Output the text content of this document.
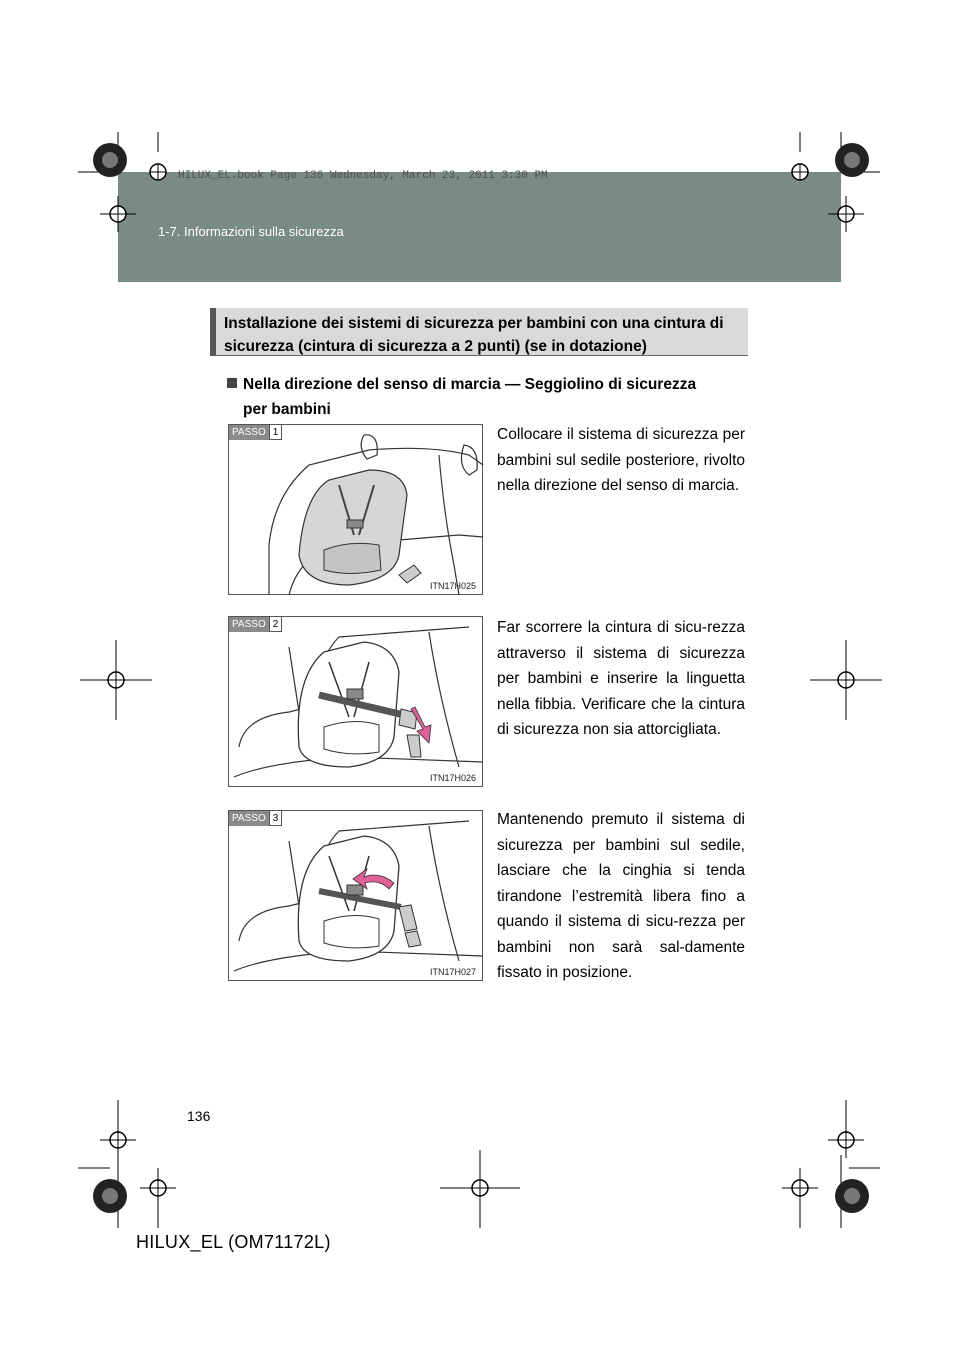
HILUX_EL.book Page 136 Wednesday, March 23, 2011 3:30 PM
1-7. Informazioni sulla sicurezza
Installazione dei sistemi di sicurezza per bambini con una cintura di sicurezza (cintura di sicurezza a 2 punti) (se in dotazione)
Nella direzione del senso di marcia — Seggiolino di sicurezza
per bambini
PASSO 1
ITN17H025
Collocare il sistema di sicurezza per bambini sul sedile posteriore, rivolto nella direzione del senso di marcia.
PASSO 2
ITN17H026
Far scorrere la cintura di sicu-rezza attraverso il sistema di sicurezza per bambini e inserire la linguetta nella fibbia. Verificare che la cintura di sicurezza non sia attorcigliata.
PASSO 3
ITN17H027
Mantenendo premuto il sistema di sicurezza per bambini sul sedile, lasciare che la cinghia si tenda tirandone l’estremità libera fino a quando il sistema di sicu-rezza per bambini non sarà sal-damente fissato in posizione.
136
HILUX_EL (OM71172L)
